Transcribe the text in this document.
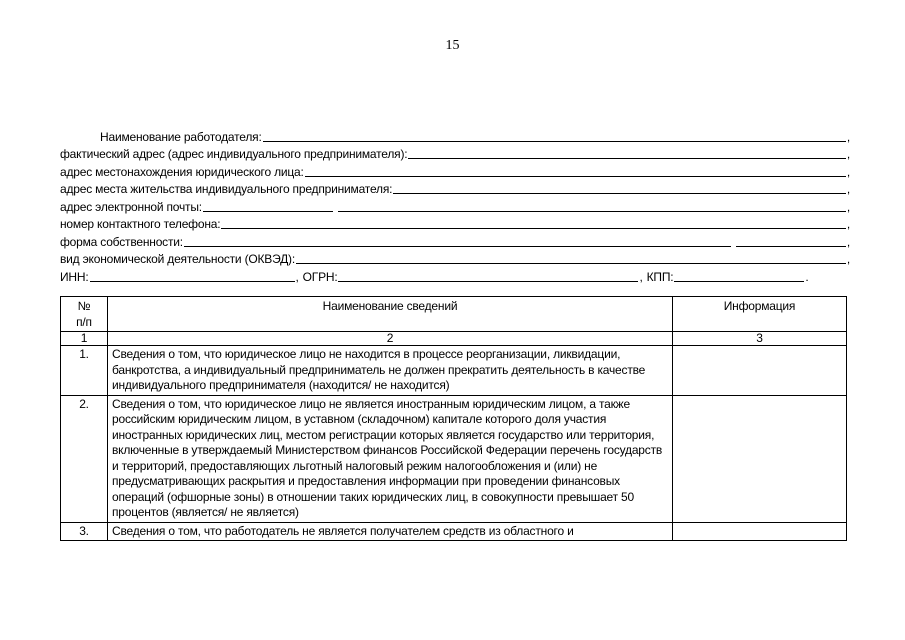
15
Наименование работодателя:	,
фактический адрес (адрес индивидуального предпринимателя):	,
адрес местонахождения юридического лица:	,
адрес места жительства индивидуального предпринимателя:	,
адрес электронной почты:	,
номер контактного телефона:	,
форма собственности:	,
вид экономической деятельности (ОКВЭД):	,
ИНН:	, ОГРН:	, КПП:	.
№
п/п	Наименование сведений	Информация
1	2	3
1.	Сведения о том, что юридическое лицо не находится в процессе реорганизации, ликвидации, банкротства, а индивидуальный предприниматель не должен прекратить деятельность в качестве индивидуального предпринимателя (находится/ не находится)	
2.	Сведения о том, что юридическое лицо не является иностранным юридическим лицом, а также российским юридическим лицом, в уставном (складочном) капитале которого доля участия иностранных юридических лиц, местом регистрации которых является государство или территория, включенные в утверждаемый Министерством финансов Российской Федерации перечень государств и территорий, предоставляющих льготный налоговый режим налогообложения и (или) не предусматривающих раскрытия и предоставления информации при проведении финансовых операций (офшорные зоны) в отношении таких юридических лиц, в совокупности превышает 50 процентов (является/ не является)	
3.	Сведения о том, что работодатель не является получателем средств из областного и	
